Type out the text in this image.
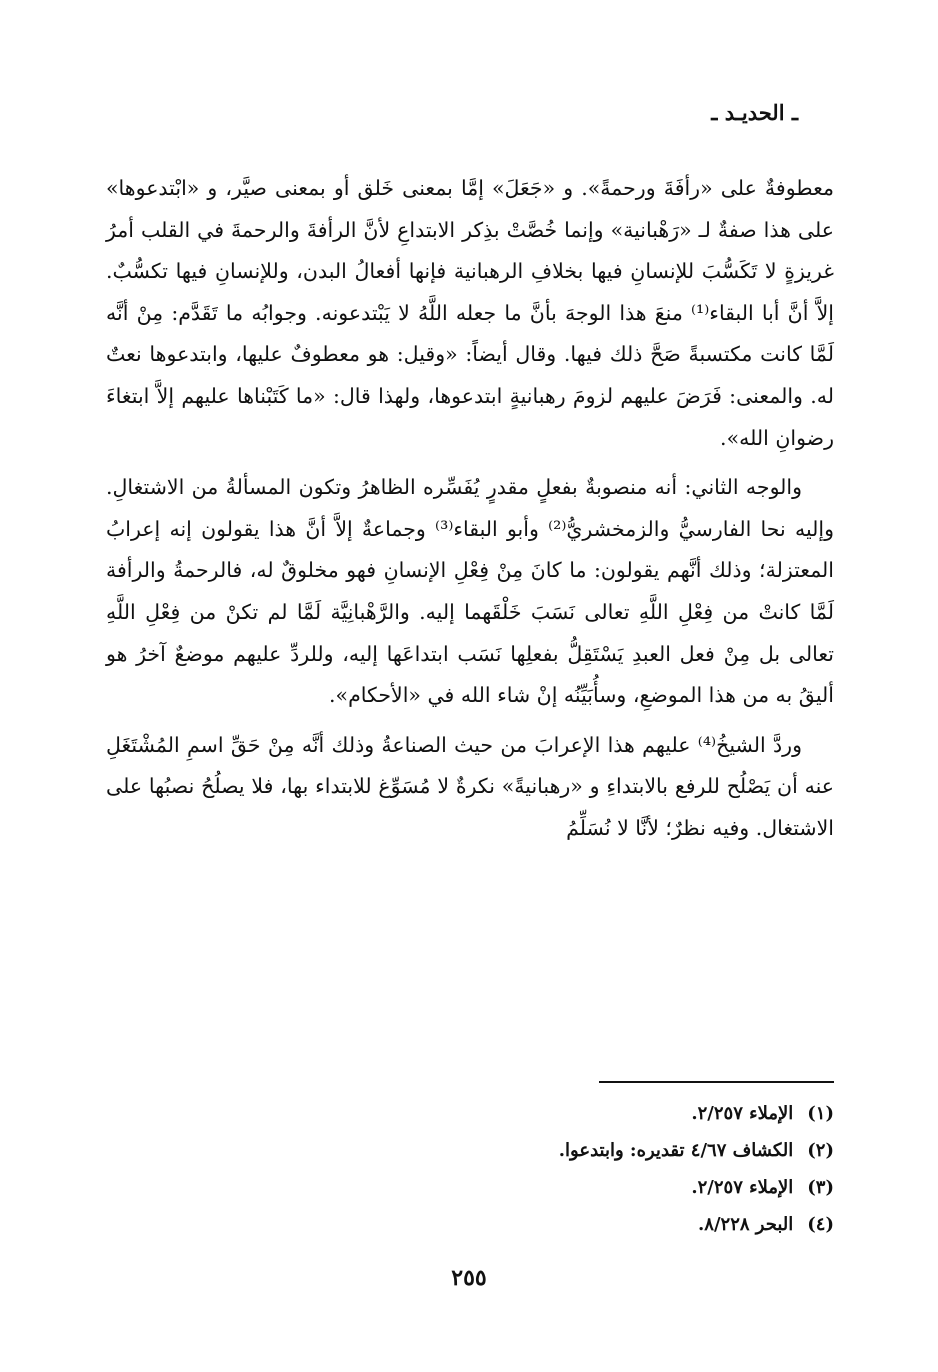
ـ الحديـد ـ

معطوفةٌ على «رأفَةَ ورحمةً». و «جَعَلَ» إمَّا بمعنى خَلق أو بمعنى صيَّر، و «ابْتدعوها» على هذا صفةٌ لـ «رَهْبانية» وإنما خُصَّتْ بذِكر الابتداعِ لأنَّ الرأفةَ والرحمةَ في القلب أمرُ غريزةٍ لا تَكَسُّبَ للإنسانِ فيها بخلافِ الرهبانية فإنها أفعالُ البدن، وللإنسانِ فيها تكسُّبٌ. إلاَّ أنَّ أبا البقاء⁽¹⁾ منعَ هذا الوجهَ بأنَّ ما جعله اللَّهُ لا يَبْتدعونه. وجوابُه ما تَقَدَّم: مِنْ أنَّه لَمَّا كانت مكتسبةً صَحَّ ذلك فيها. وقال أيضاً: «وقيل: هو معطوفٌ عليها، وابتدعوها نعتٌ له. والمعنى: فَرَضَ عليهم لزومَ رهبانيةٍ ابتدعوها، ولهذا قال: «ما كَتَبْناها عليهم إلاَّ ابتغاءَ رضوانِ الله».

والوجه الثاني: أنه منصوبةٌ بفعلٍ مقدرٍ يُفَسِّره الظاهرُ وتكون المسألةُ من الاشتغالِ. وإليه نحا الفارسيُّ والزمخشريُّ⁽²⁾ وأبو البقاء⁽³⁾ وجماعةٌ إلاَّ أنَّ هذا يقولون إنه إعرابُ المعتزلة؛ وذلك أنَّهم يقولون: ما كانَ مِنْ فِعْلِ الإنسانِ فهو مخلوقٌ له، فالرحمةُ والرأفة لَمَّا كانتْ من فِعْلِ اللَّهِ تعالى نَسَبَ خَلْقَهما إليه. والرَّهْبانِيَّة لَمَّا لم تكنْ من فِعْلِ اللَّهِ تعالى بل مِنْ فعل العبدِ يَسْتَقِلُّ بفعلِها نَسَب ابتداعَها إليه، وللردِّ عليهم موضعٌ آخرُ هو أليقُ به من هذا الموضعِ، وسأُبَيِّنُه إنْ شاء الله في «الأحكام».

وردَّ الشيخُ⁽⁴⁾ عليهم هذا الإعرابَ من حيث الصناعةُ وذلك أنَّه مِنْ حَقِّ اسمِ المُشْتَغَلِ عنه أن يَصْلُح للرفع بالابتداءِ و «رهبانيةً» نكرةٌ لا مُسَوِّغ للابتداء بها، فلا يصلُحُ نصبُها على الاشتغال. وفيه نظرٌ؛ لأنَّا لا نُسَلِّمُ

(١)الإملاء ٢/٢٥٧.
(٢)الكشاف ٤/٦٧ تقديره: وابتدعوا.
(٣)الإملاء ٢/٢٥٧.
(٤)البحر ٨/٢٢٨.
٢٥٥
